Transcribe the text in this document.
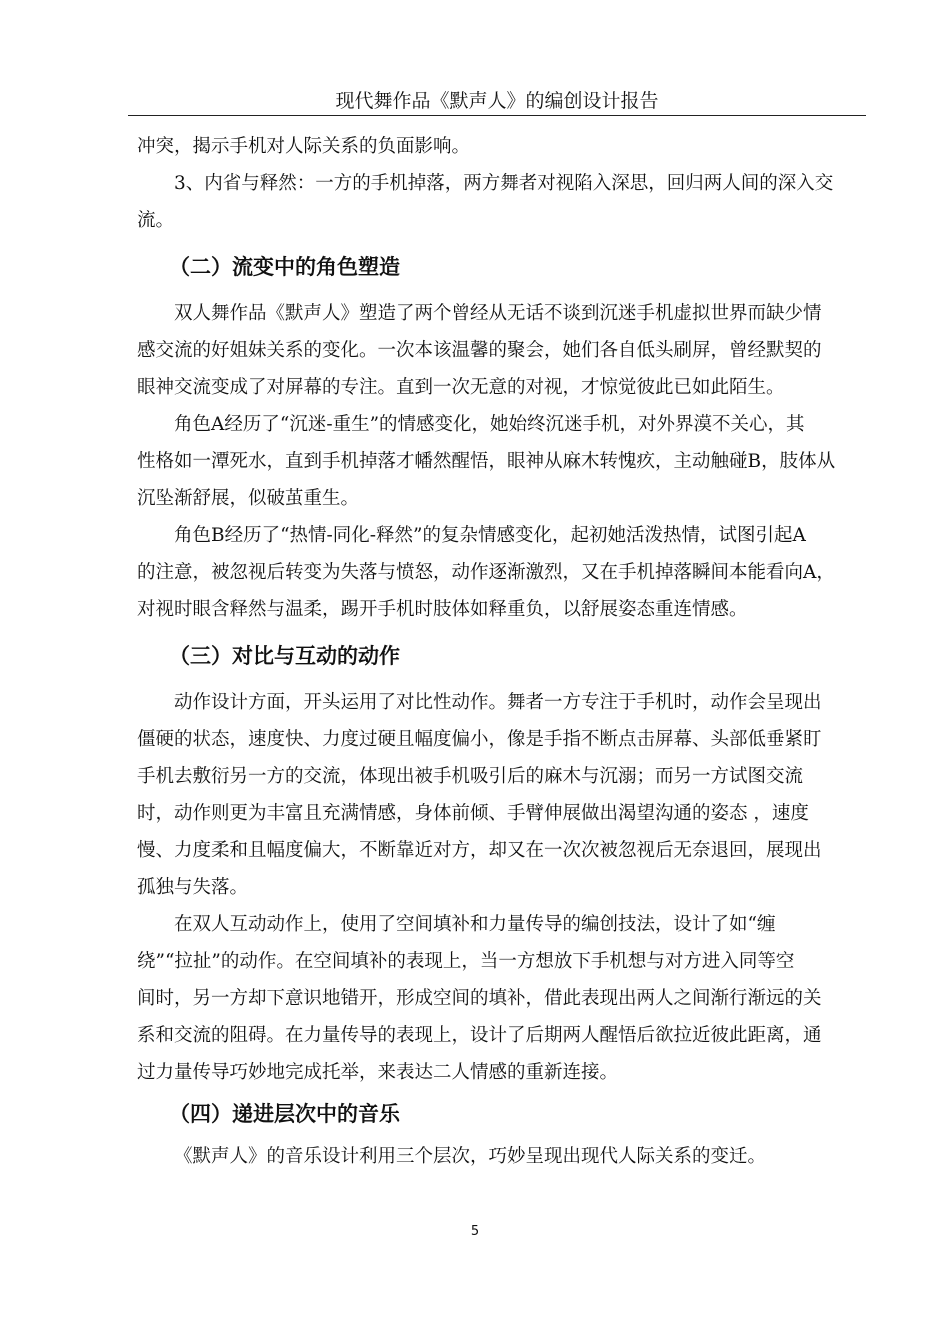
现代舞作品《默声人》的编创设计报告
冲突，揭示手机对人际关系的负面影响。
3、内省与释然：一方的手机掉落，两方舞者对视陷入深思，回归两人间的深入交
流。
（二）流变中的角色塑造
双人舞作品《默声人》塑造了两个曾经从无话不谈到沉迷手机虚拟世界而缺少情
感交流的好姐妹关系的变化。一次本该温馨的聚会，她们各自低头刷屏，曾经默契的
眼神交流变成了对屏幕的专注。直到一次无意的对视，才惊觉彼此已如此陌生。
角色A经历了“沉迷-重生”的情感变化，她始终沉迷手机，对外界漠不关心，其
性格如一潭死水，直到手机掉落才幡然醒悟，眼神从麻木转愧疚，主动触碰B，肢体从
沉坠渐舒展，似破茧重生。
角色B经历了“热情-同化-释然”的复杂情感变化，起初她活泼热情，试图引起A
的注意，被忽视后转变为失落与愤怒，动作逐渐激烈，又在手机掉落瞬间本能看向A，
对视时眼含释然与温柔，踢开手机时肢体如释重负，以舒展姿态重连情感。
（三）对比与互动的动作
动作设计方面，开头运用了对比性动作。舞者一方专注于手机时，动作会呈现出
僵硬的状态，速度快、力度过硬且幅度偏小，像是手指不断点击屏幕、头部低垂紧盯
手机去敷衍另一方的交流，体现出被手机吸引后的麻木与沉溺；而另一方试图交流
时，动作则更为丰富且充满情感，身体前倾、手臂伸展做出渴望沟通的姿态 ，速度
慢、力度柔和且幅度偏大，不断靠近对方，却又在一次次被忽视后无奈退回，展现出
孤独与失落。
在双人互动动作上，使用了空间填补和力量传导的编创技法，设计了如“缠
绕”“拉扯”的动作。在空间填补的表现上，当一方想放下手机想与对方进入同等空
间时，另一方却下意识地错开，形成空间的填补，借此表现出两人之间渐行渐远的关
系和交流的阻碍。在力量传导的表现上，设计了后期两人醒悟后欲拉近彼此距离，通
过力量传导巧妙地完成托举，来表达二人情感的重新连接。
（四）递进层次中的音乐
《默声人》的音乐设计利用三个层次，巧妙呈现出现代人际关系的变迁。
5
